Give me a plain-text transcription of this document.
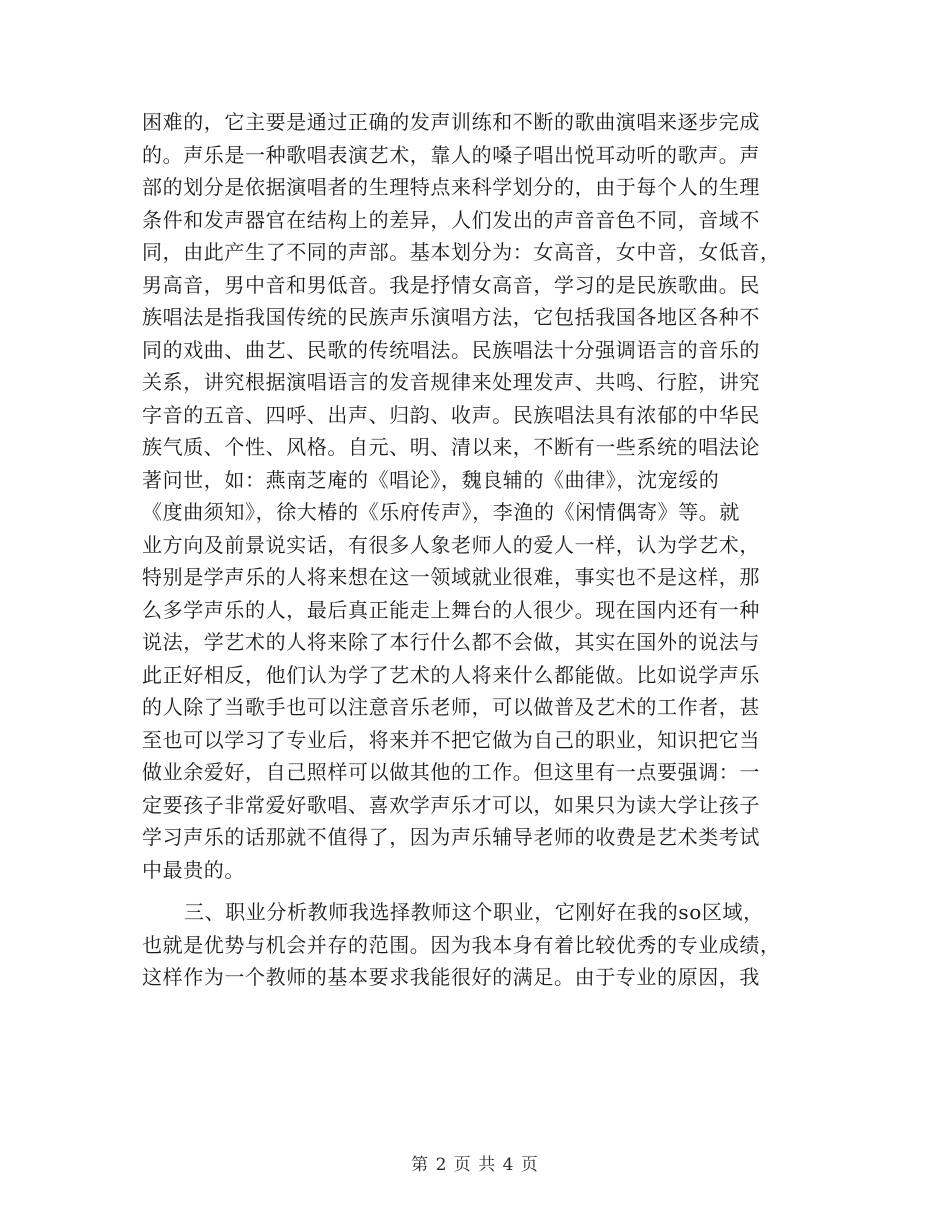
困难的，它主要是通过正确的发声训练和不断的歌曲演唱来逐步完成
的。声乐是一种歌唱表演艺术，靠人的嗓子唱出悦耳动听的歌声。声
部的划分是依据演唱者的生理特点来科学划分的，由于每个人的生理
条件和发声器官在结构上的差异，人们发出的声音音色不同，音域不
同，由此产生了不同的声部。基本划分为：女高音，女中音，女低音，
男高音，男中音和男低音。我是抒情女高音，学习的是民族歌曲。民
族唱法是指我国传统的民族声乐演唱方法，它包括我国各地区各种不
同的戏曲、曲艺、民歌的传统唱法。民族唱法十分强调语言的音乐的
关系，讲究根据演唱语言的发音规律来处理发声、共鸣、行腔，讲究
字音的五音、四呼、出声、归韵、收声。民族唱法具有浓郁的中华民
族气质、个性、风格。自元、明、清以来，不断有一些系统的唱法论
著问世，如：燕南芝庵的《唱论》，魏良辅的《曲律》，沈宠绥的
《度曲须知》，徐大椿的《乐府传声》，李渔的《闲情偶寄》等。就
业方向及前景说实话，有很多人象老师人的爱人一样，认为学艺术，
特别是学声乐的人将来想在这一领域就业很难，事实也不是这样，那
么多学声乐的人，最后真正能走上舞台的人很少。现在国内还有一种
说法，学艺术的人将来除了本行什么都不会做，其实在国外的说法与
此正好相反，他们认为学了艺术的人将来什么都能做。比如说学声乐
的人除了当歌手也可以注意音乐老师，可以做普及艺术的工作者，甚
至也可以学习了专业后，将来并不把它做为自己的职业，知识把它当
做业余爱好，自己照样可以做其他的工作。但这里有一点要强调：一
定要孩子非常爱好歌唱、喜欢学声乐才可以，如果只为读大学让孩子
学习声乐的话那就不值得了，因为声乐辅导老师的收费是艺术类考试
中最贵的。
三、职业分析教师我选择教师这个职业，它刚好在我的so区域，
也就是优势与机会并存的范围。因为我本身有着比较优秀的专业成绩，
这样作为一个教师的基本要求我能很好的满足。由于专业的原因，我
第 2 页 共 4 页
